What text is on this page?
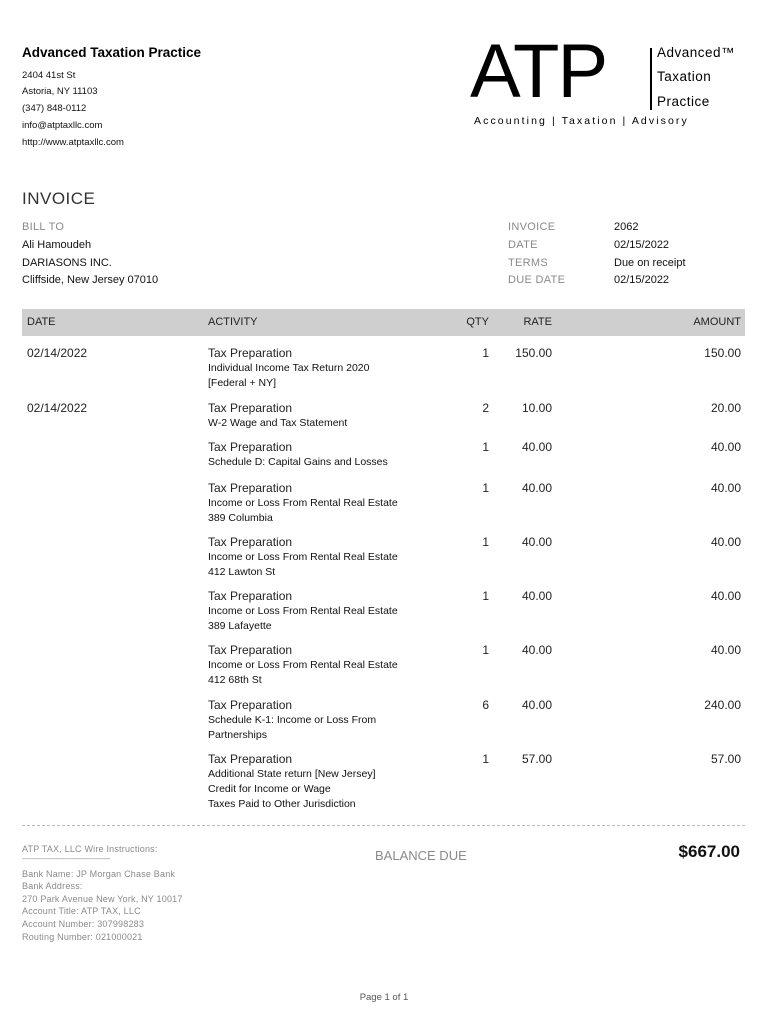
Advanced Taxation Practice
2404 41st St
Astoria, NY 11103
(347) 848-0112
info@atptaxllc.com
http://www.atptaxllc.com
ATP	Advanced™
Taxation
Practice
Accounting | Taxation | Advisory
INVOICE
BILL TO
Ali Hamoudeh
DARIASONS INC.
Cliffside, New Jersey 07010
INVOICE	2062
DATE	02/15/2022
TERMS	Due on receipt
DUE DATE	02/15/2022
DATE	ACTIVITY	QTY	RATE	AMOUNT
02/14/2022	Tax Preparation
Individual Income Tax Return 2020
[Federal + NY]
1 150.00	150.00
02/14/2022	Tax Preparation
W-2 Wage and Tax Statement
2	10.00	20.00
Tax Preparation
Schedule D: Capital Gains and Losses
1	40.00	40.00
Tax Preparation
Income or Loss From Rental Real Estate
389 Columbia
1	40.00	40.00
Tax Preparation
Income or Loss From Rental Real Estate
412 Lawton St
1	40.00	40.00
Tax Preparation
Income or Loss From Rental Real Estate
389 Lafayette
1	40.00	40.00
Tax Preparation
Income or Loss From Rental Real Estate
412 68th St
1	40.00	40.00
Tax Preparation
Schedule K-1: Income or Loss From
Partnerships
6	40.00	240.00
Tax Preparation
Additional State return [New Jersey]
Credit for Income or Wage
Taxes Paid to Other Jurisdiction
1	57.00	57.00
ATP TAX, LLC Wire Instructions:
------------------------------------------------
Bank Name: JP Morgan Chase Bank
Bank Address:
270 Park Avenue New York, NY 10017
Account Title: ATP TAX, LLC
Account Number: 307998283
Routing Number: 021000021
BALANCE DUE	$667.00
Page 1 of 1
